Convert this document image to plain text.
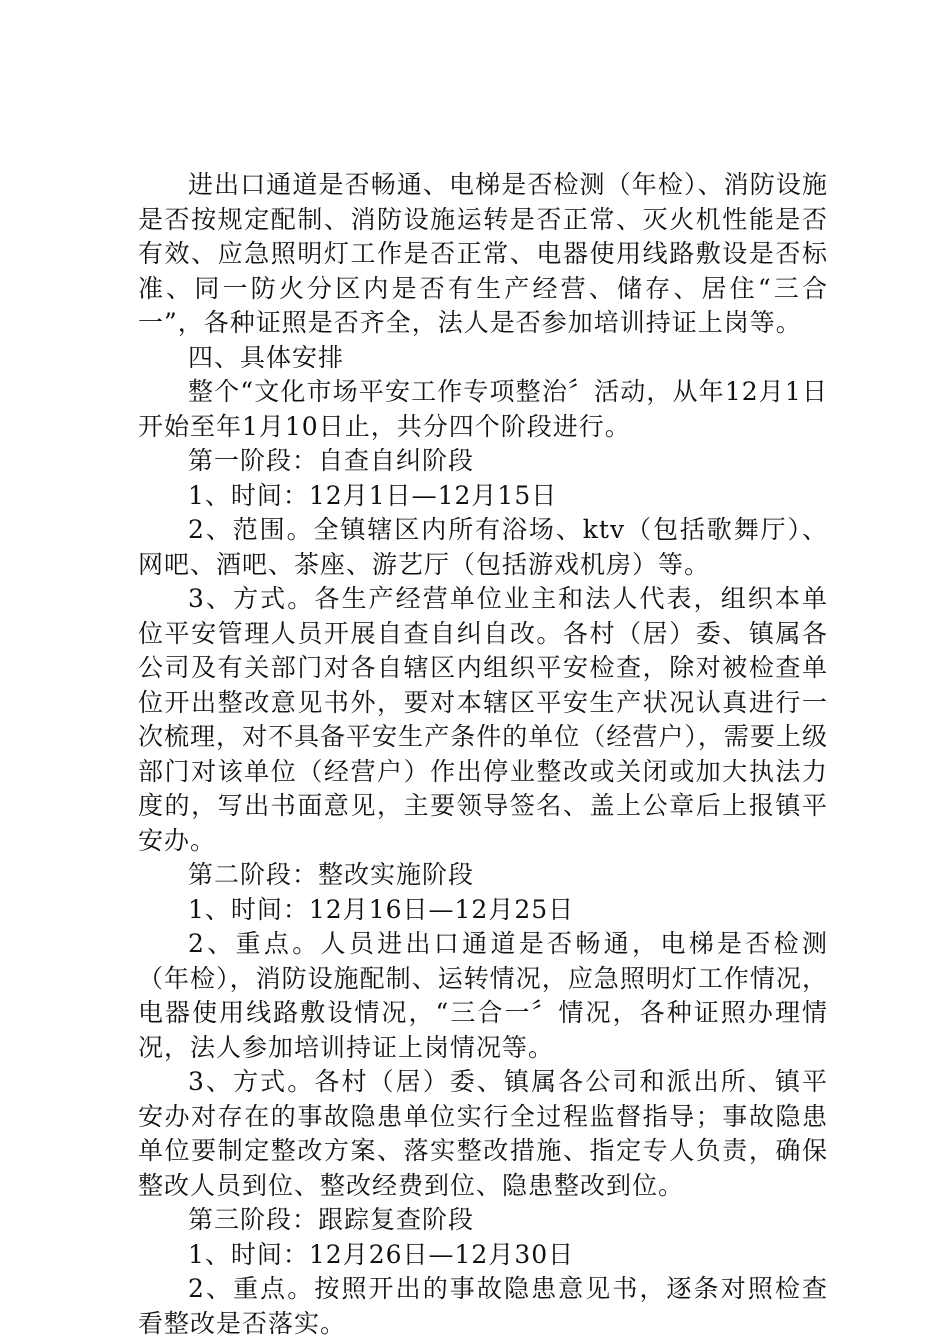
进出口通道是否畅通、电梯是否检测（年检）、消防设施是否按规定配制、消防设施运转是否正常、灭火机性能是否有效、应急照明灯工作是否正常、电器使用线路敷设是否标准、同一防火分区内是否有生产经营、储存、居住“三合一”，各种证照是否齐全，法人是否参加培训持证上岗等。

四、具体安排

整个“文化市场平安工作专项整治〞活动，从年12月1日开始至年1月10日止，共分四个阶段进行。

第一阶段：自查自纠阶段

1、时间：12月1日—12月15日

2、范围。全镇辖区内所有浴场、ktv（包括歌舞厅）、网吧、酒吧、茶座、游艺厅（包括游戏机房）等。

3、方式。各生产经营单位业主和法人代表，组织本单位平安管理人员开展自查自纠自改。各村（居）委、镇属各公司及有关部门对各自辖区内组织平安检查，除对被检查单位开出整改意见书外，要对本辖区平安生产状况认真进行一次梳理，对不具备平安生产条件的单位（经营户），需要上级部门对该单位（经营户）作出停业整改或关闭或加大执法力度的，写出书面意见，主要领导签名、盖上公章后上报镇平安办。

第二阶段：整改实施阶段

1、时间：12月16日—12月25日

2、重点。人员进出口通道是否畅通，电梯是否检测（年检），消防设施配制、运转情况，应急照明灯工作情况，电器使用线路敷设情况，“三合一〞情况，各种证照办理情况，法人参加培训持证上岗情况等。

3、方式。各村（居）委、镇属各公司和派出所、镇平安办对存在的事故隐患单位实行全过程监督指导；事故隐患单位要制定整改方案、落实整改措施、指定专人负责，确保整改人员到位、整改经费到位、隐患整改到位。

第三阶段：跟踪复查阶段

1、时间：12月26日—12月30日

2、重点。按照开出的事故隐患意见书，逐条对照检查看整改是否落实。
